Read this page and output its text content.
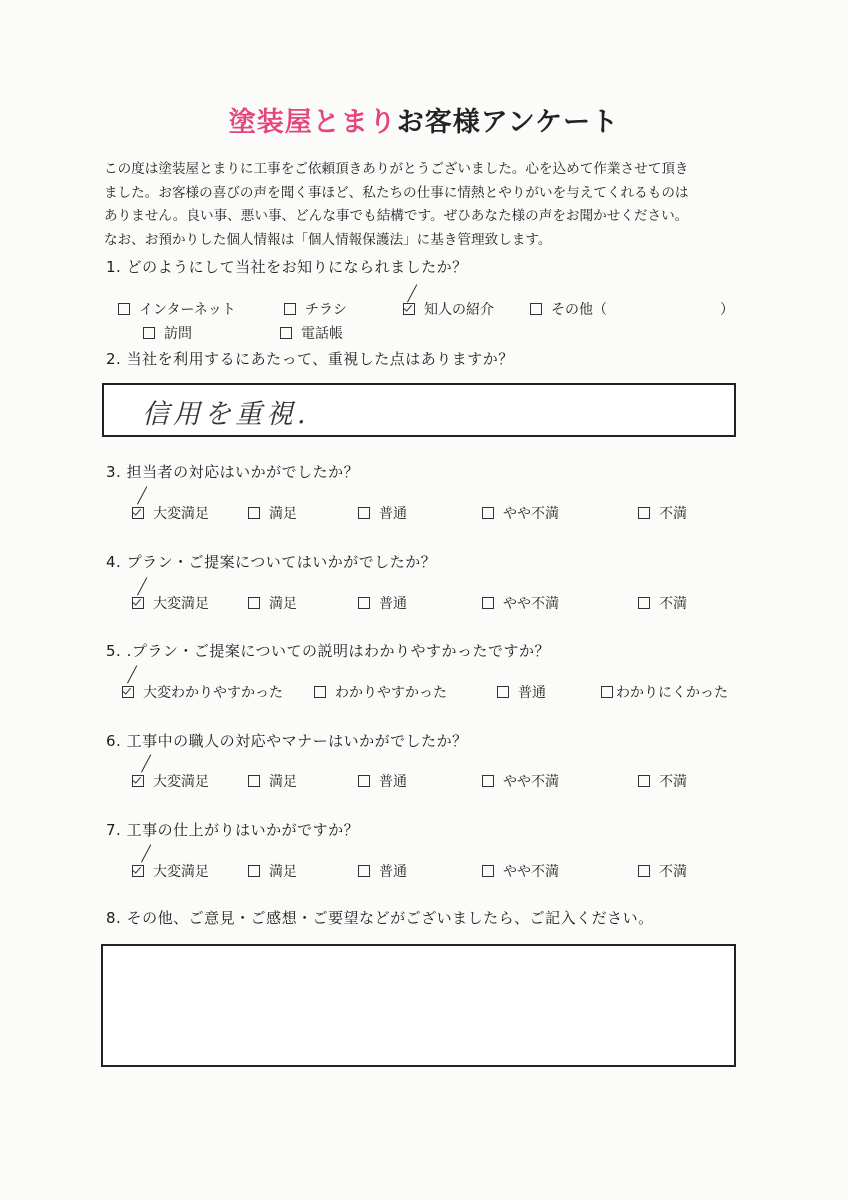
塗装屋とまりお客様アンケート
この度は塗装屋とまりに工事をご依頼頂きありがとうございました。心を込めて作業させて頂き
ました。お客様の喜びの声を聞く事ほど、私たちの仕事に情熱とやりがいを与えてくれるものは
ありません。良い事、悪い事、どんな事でも結構です。ぜひあなた様の声をお聞かせください。
なお、お預かりした個人情報は「個人情報保護法」に基き管理致します。
1. どのようにして当社をお知りになられましたか？
インターネット	チラシ	知人の紹介	その他（	）
訪問	電話帳
2. 当社を利用するにあたって、重視した点はありますか？
信用を重視.
3. 担当者の対応はいかがでしたか？
大変満足	満足	普通	やや不満	不満
4. プラン・ご提案についてはいかがでしたか？
大変満足	満足	普通	やや不満	不満
5. .プラン・ご提案についての説明はわかりやすかったですか？
大変わかりやすかった	わかりやすかった	普通	わかりにくかった
6. 工事中の職人の対応やマナーはいかがでしたか？
大変満足	満足	普通	やや不満	不満
7. 工事の仕上がりはいかがですか？
大変満足	満足	普通	やや不満	不満
8. その他、ご意見・ご感想・ご要望などがございましたら、ご記入ください。
